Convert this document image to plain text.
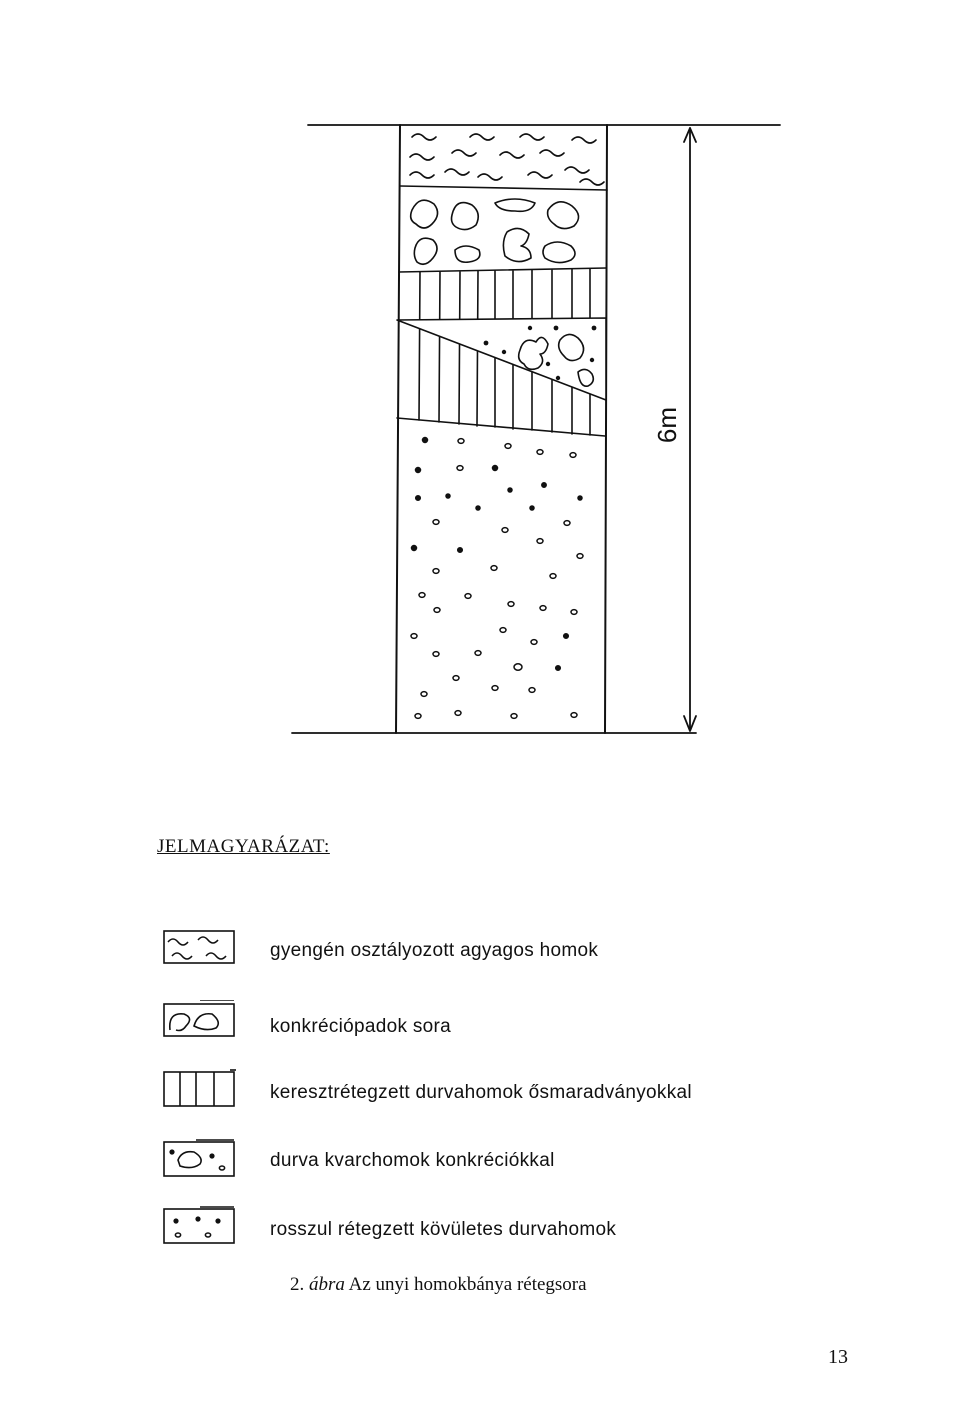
6m
JELMAGYARÁZAT:
gyengén osztályozott agyagos homok
konkrécióраdok sora
keresztrétegzett durvahomok ősmaradványokkal
durva kvarchomok konkréciókkal
rosszul rétegzett kövületes durvahomok
2. ábra Az unyi homokbánya rétegsora
13
